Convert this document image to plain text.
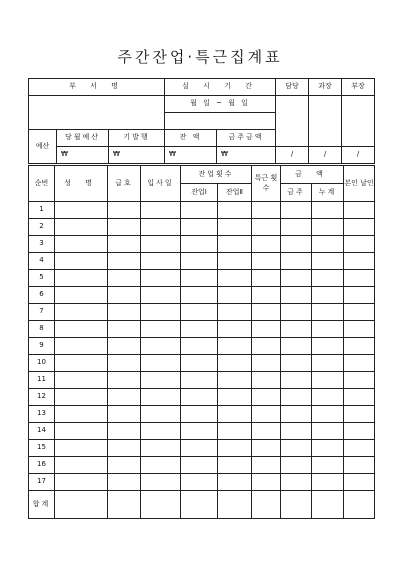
주간잔업·특근집계표
부 서 명			실 시 기 간		담당	과장	부장
			월 일 ~ 월 일				

예산	당월예산	기발행	잔 액	금주금액			
	₩	₩	₩	₩	/	/	/
순번	성 명	급호	입사일	잔업횟수		특근 횟수	금 액		본인 날인
				잔업Ⅰ	잔업Ⅱ		금주	누계	
1									
2									
3									
4									
5									
6									
7									
8									
9									
10									
11									
12									
13									
14									
15									
16									
17									
합계									
